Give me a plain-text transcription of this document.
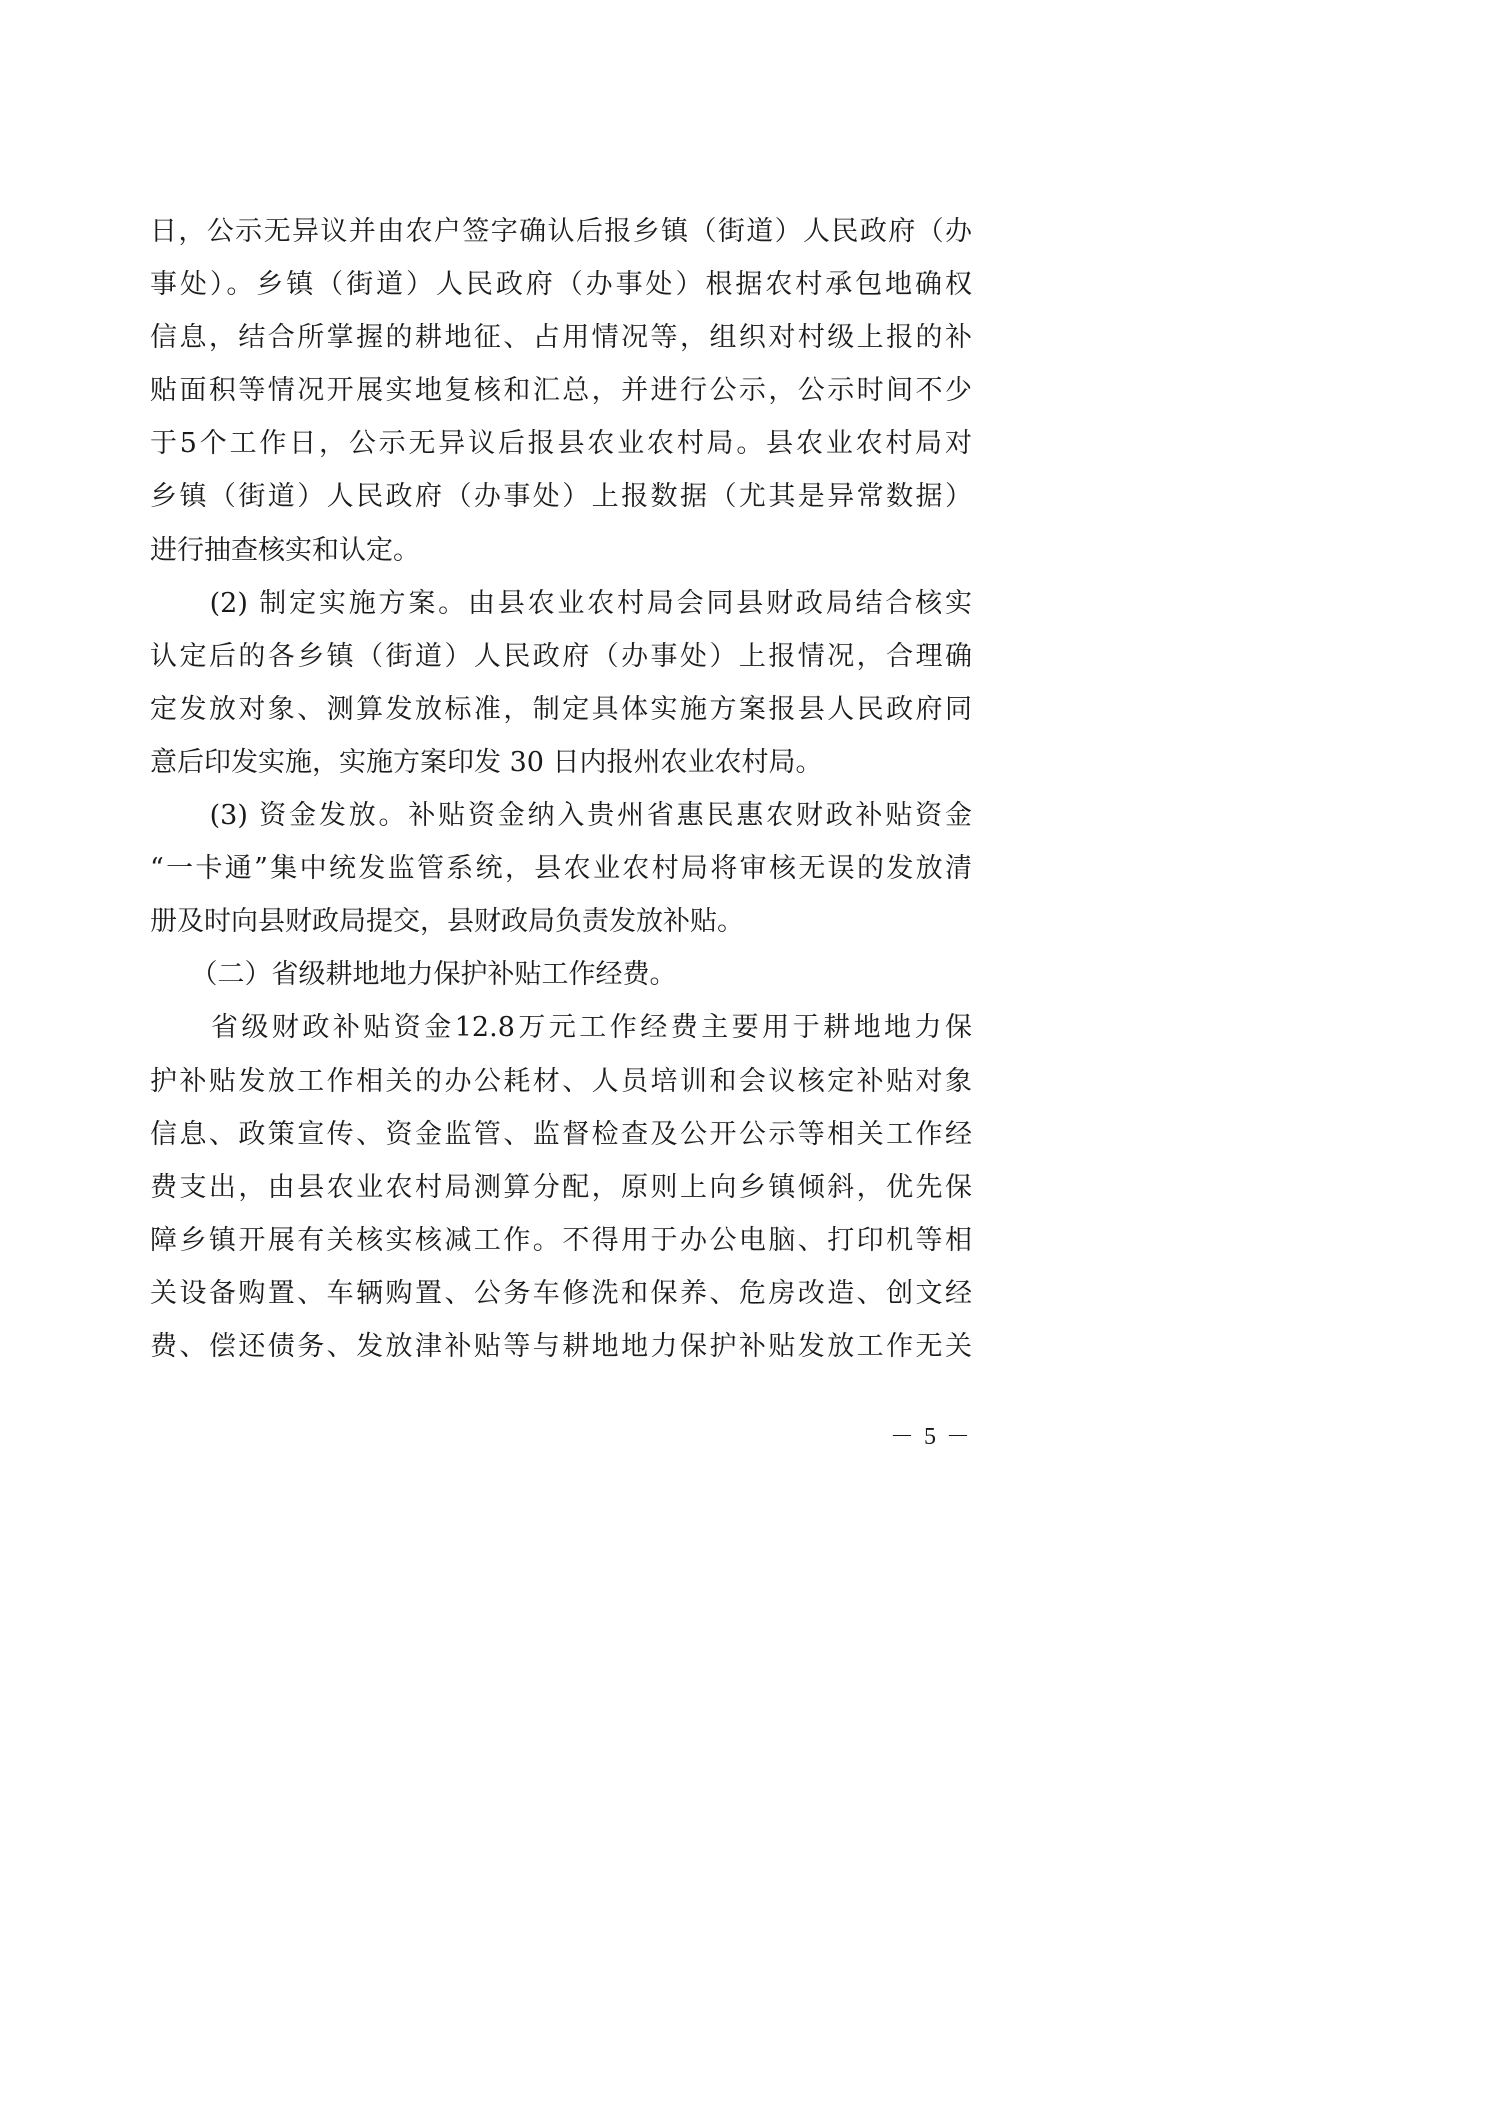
日，公示无异议并由农户签字确认后报乡镇（街道）人民政府（办
事处）。乡镇（街道）人民政府（办事处）根据农村承包地确权
信息，结合所掌握的耕地征、占用情况等，组织对村级上报的补
贴面积等情况开展实地复核和汇总，并进行公示，公示时间不少
于5个工作日，公示无异议后报县农业农村局。县农业农村局对
乡镇（街道）人民政府（办事处）上报数据（尤其是异常数据）
进行抽查核实和认定。
　　(2) 制定实施方案。由县农业农村局会同县财政局结合核实
认定后的各乡镇（街道）人民政府（办事处）上报情况，合理确
定发放对象、测算发放标准，制定具体实施方案报县人民政府同
意后印发实施，实施方案印发 30 日内报州农业农村局。
　　(3) 资金发放。补贴资金纳入贵州省惠民惠农财政补贴资金
“一卡通”集中统发监管系统，县农业农村局将审核无误的发放清
册及时向县财政局提交，县财政局负责发放补贴。
　　（二）省级耕地地力保护补贴工作经费。
　　省级财政补贴资金12.8万元工作经费主要用于耕地地力保
护补贴发放工作相关的办公耗材、人员培训和会议核定补贴对象
信息、政策宣传、资金监管、监督检查及公开公示等相关工作经
费支出，由县农业农村局测算分配，原则上向乡镇倾斜，优先保
障乡镇开展有关核实核减工作。不得用于办公电脑、打印机等相
关设备购置、车辆购置、公务车修洗和保养、危房改造、创文经
费、偿还债务、发放津补贴等与耕地地力保护补贴发放工作无关
－ 5 －
